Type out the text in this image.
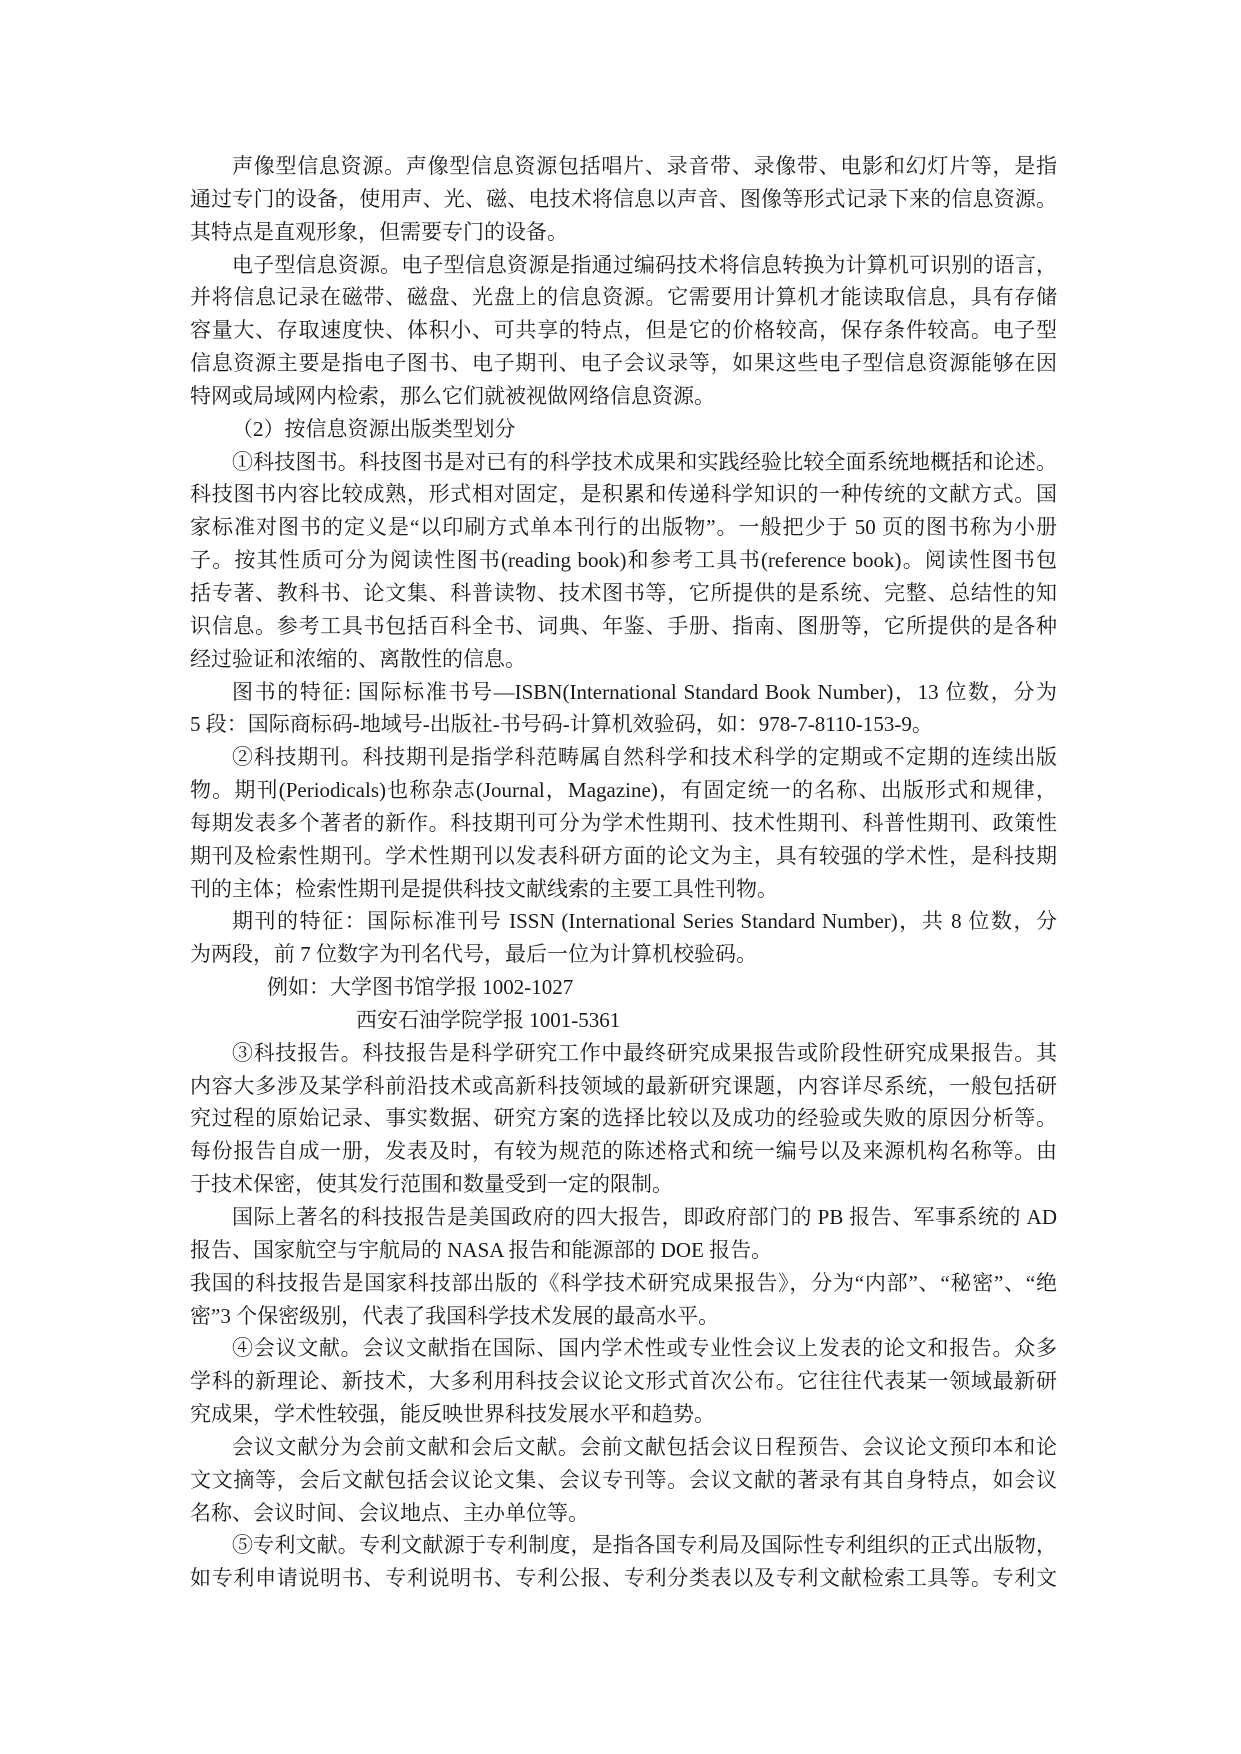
声像型信息资源。声像型信息资源包括唱片、录音带、录像带、电影和幻灯片等，是指
通过专门的设备，使用声、光、磁、电技术将信息以声音、图像等形式记录下来的信息资源。
其特点是直观形象，但需要专门的设备。
电子型信息资源。电子型信息资源是指通过编码技术将信息转换为计算机可识别的语言，
并将信息记录在磁带、磁盘、光盘上的信息资源。它需要用计算机才能读取信息，具有存储
容量大、存取速度快、体积小、可共享的特点，但是它的价格较高，保存条件较高。电子型
信息资源主要是指电子图书、电子期刊、电子会议录等，如果这些电子型信息资源能够在因
特网或局域网内检索，那么它们就被视做网络信息资源。
（2）按信息资源出版类型划分
①科技图书。科技图书是对已有的科学技术成果和实践经验比较全面系统地概括和论述。
科技图书内容比较成熟，形式相对固定，是积累和传递科学知识的一种传统的文献方式。国
家标准对图书的定义是“以印刷方式单本刊行的出版物”。一般把少于 50 页的图书称为小册
子。按其性质可分为阅读性图书(reading book)和参考工具书(reference book)。阅读性图书包
括专著、教科书、论文集、科普读物、技术图书等，它所提供的是系统、完整、总结性的知
识信息。参考工具书包括百科全书、词典、年鉴、手册、指南、图册等，它所提供的是各种
经过验证和浓缩的、离散性的信息。
图书的特征: 国际标准书号—ISBN(International Standard Book Number)，13 位数，分为
5 段：国际商标码-地域号-出版社-书号码-计算机效验码，如：978-7-8110-153-9。
②科技期刊。科技期刊是指学科范畴属自然科学和技术科学的定期或不定期的连续出版
物。期刊(Periodicals)也称杂志(Journal，Magazine)，有固定统一的名称、出版形式和规律，
每期发表多个著者的新作。科技期刊可分为学术性期刊、技术性期刊、科普性期刊、政策性
期刊及检索性期刊。学术性期刊以发表科研方面的论文为主，具有较强的学术性，是科技期
刊的主体；检索性期刊是提供科技文献线索的主要工具性刊物。
期刊的特征：国际标准刊号 ISSN (International Series Standard Number)，共 8 位数，分
为两段，前 7 位数字为刊名代号，最后一位为计算机校验码。
例如：大学图书馆学报 1002-1027
西安石油学院学报 1001-5361
③科技报告。科技报告是科学研究工作中最终研究成果报告或阶段性研究成果报告。其
内容大多涉及某学科前沿技术或高新科技领域的最新研究课题，内容详尽系统，一般包括研
究过程的原始记录、事实数据、研究方案的选择比较以及成功的经验或失败的原因分析等。
每份报告自成一册，发表及时，有较为规范的陈述格式和统一编号以及来源机构名称等。由
于技术保密，使其发行范围和数量受到一定的限制。
国际上著名的科技报告是美国政府的四大报告，即政府部门的 PB 报告、军事系统的 AD
报告、国家航空与宇航局的 NASA 报告和能源部的 DOE 报告。
我国的科技报告是国家科技部出版的《科学技术研究成果报告》，分为“内部”、“秘密”、“绝
密”3 个保密级别，代表了我国科学技术发展的最高水平。
④会议文献。会议文献指在国际、国内学术性或专业性会议上发表的论文和报告。众多
学科的新理论、新技术，大多利用科技会议论文形式首次公布。它往往代表某一领域最新研
究成果，学术性较强，能反映世界科技发展水平和趋势。
会议文献分为会前文献和会后文献。会前文献包括会议日程预告、会议论文预印本和论
文文摘等，会后文献包括会议论文集、会议专刊等。会议文献的著录有其自身特点，如会议
名称、会议时间、会议地点、主办单位等。
⑤专利文献。专利文献源于专利制度，是指各国专利局及国际性专利组织的正式出版物，
如专利申请说明书、专利说明书、专利公报、专利分类表以及专利文献检索工具等。专利文
